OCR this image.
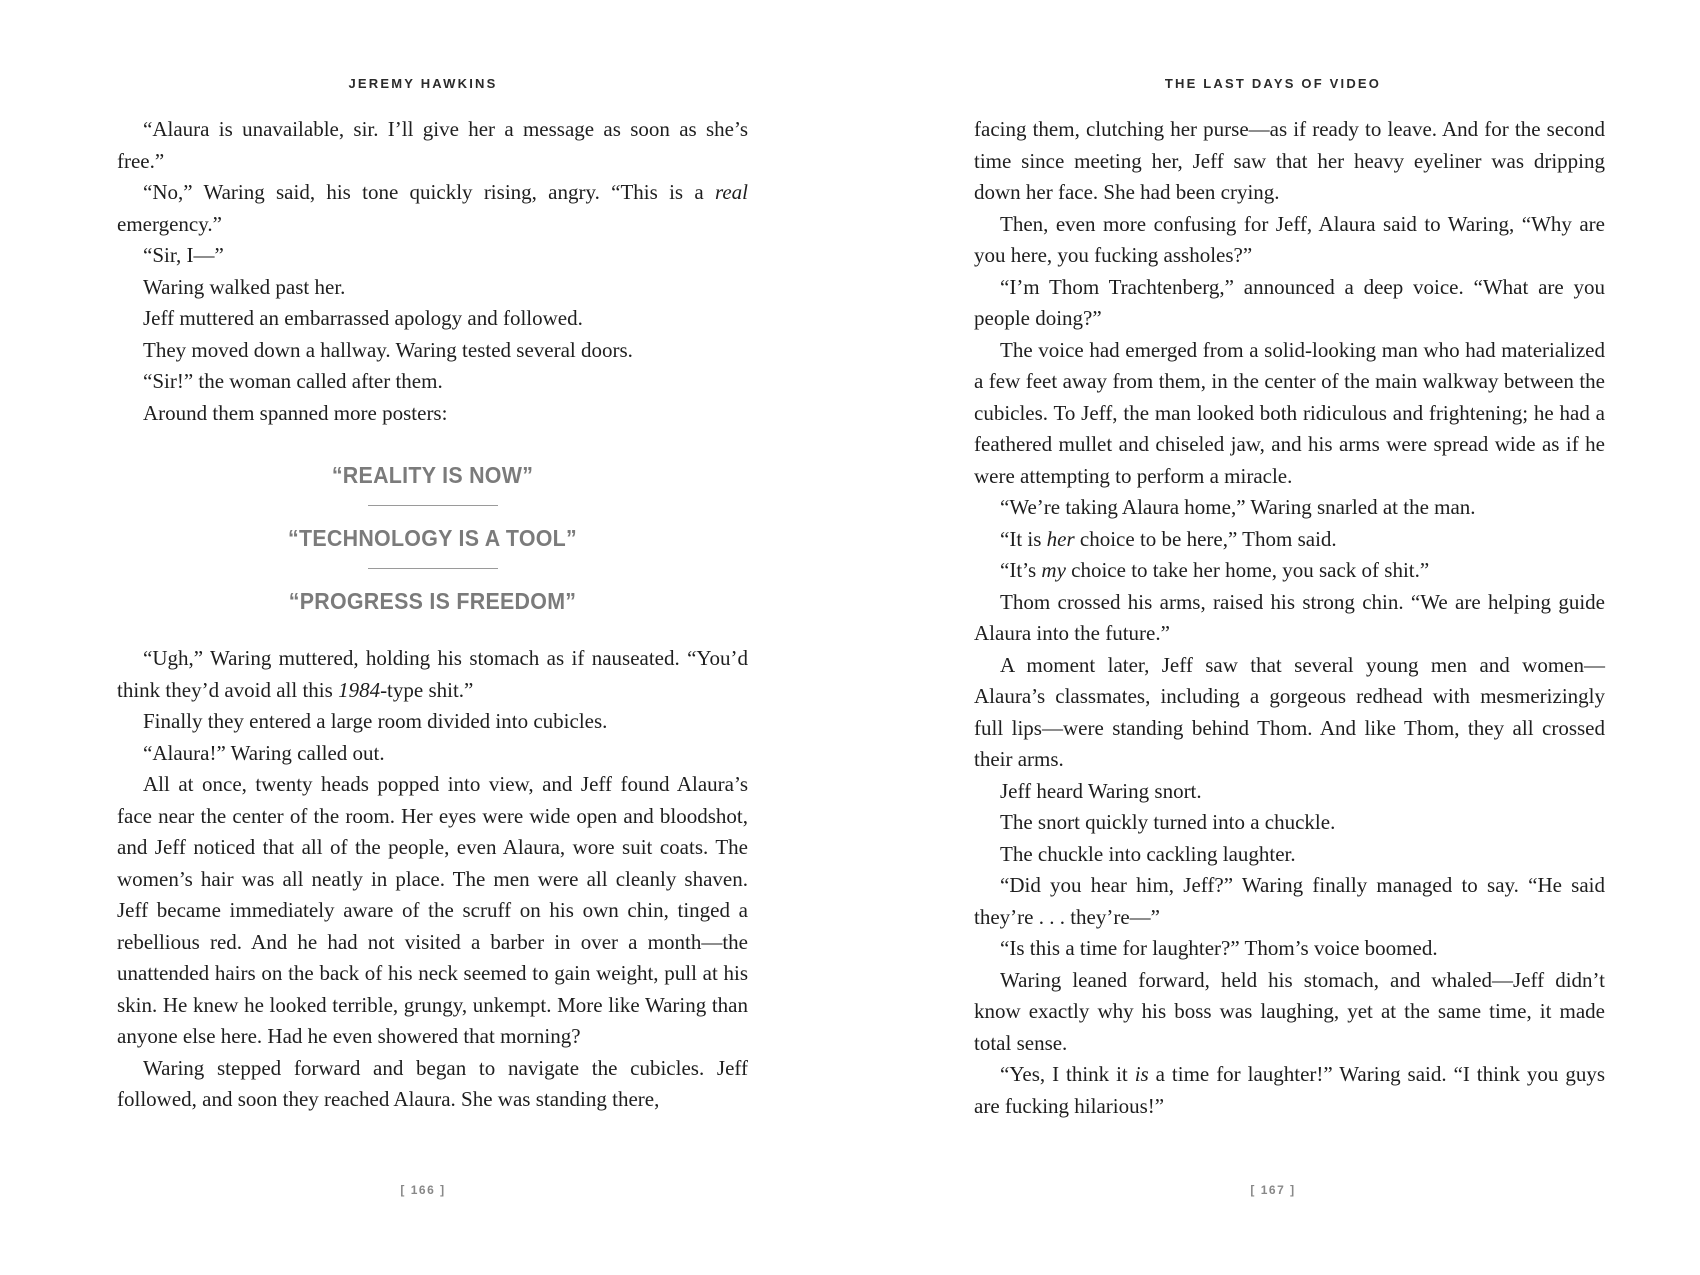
JEREMY HAWKINS

“Alaura is unavailable, sir. I’ll give her a message as soon as she’s free.”

“No,” Waring said, his tone quickly rising, angry. “This is a real emergency.”

“Sir, I—”

Waring walked past her.

Jeff muttered an embarrassed apology and followed.

They moved down a hallway. Waring tested several doors.

“Sir!” the woman called after them.

Around them spanned more posters:

“REALITY IS NOW”

“TECHNOLOGY IS A TOOL”

“PROGRESS IS FREEDOM”

“Ugh,” Waring muttered, holding his stomach as if nauseated. “You’d think they’d avoid all this 1984-type shit.”

Finally they entered a large room divided into cubicles.

“Alaura!” Waring called out.

All at once, twenty heads popped into view, and Jeff found Alaura’s face near the center of the room. Her eyes were wide open and bloodshot, and Jeff noticed that all of the people, even Alaura, wore suit coats. The women’s hair was all neatly in place. The men were all cleanly shaven. Jeff became immediately aware of the scruff on his own chin, tinged a rebellious red. And he had not visited a barber in over a month—the unattended hairs on the back of his neck seemed to gain weight, pull at his skin. He knew he looked terrible, grungy, unkempt. More like Waring than anyone else here. Had he even showered that morning?

Waring stepped forward and began to navigate the cubicles. Jeff followed, and soon they reached Alaura. She was standing there,

[ 166 ]
THE LAST DAYS OF VIDEO

facing them, clutching her purse—as if ready to leave. And for the second time since meeting her, Jeff saw that her heavy eyeliner was dripping down her face. She had been crying.

Then, even more confusing for Jeff, Alaura said to Waring, “Why are you here, you fucking assholes?”

“I’m Thom Trachtenberg,” announced a deep voice. “What are you people doing?”

The voice had emerged from a solid-looking man who had materialized a few feet away from them, in the center of the main walkway between the cubicles. To Jeff, the man looked both ridiculous and frightening; he had a feathered mullet and chiseled jaw, and his arms were spread wide as if he were attempting to perform a miracle.

“We’re taking Alaura home,” Waring snarled at the man.

“It is her choice to be here,” Thom said.

“It’s my choice to take her home, you sack of shit.”

Thom crossed his arms, raised his strong chin. “We are helping guide Alaura into the future.”

A moment later, Jeff saw that several young men and women— Alaura’s classmates, including a gorgeous redhead with mesmerizingly full lips—were standing behind Thom. And like Thom, they all crossed their arms.

Jeff heard Waring snort.

The snort quickly turned into a chuckle.

The chuckle into cackling laughter.

“Did you hear him, Jeff?” Waring finally managed to say. “He said they’re . . . they’re—”

“Is this a time for laughter?” Thom’s voice boomed.

Waring leaned forward, held his stomach, and whaled—Jeff didn’t know exactly why his boss was laughing, yet at the same time, it made total sense.

“Yes, I think it is a time for laughter!” Waring said. “I think you guys are fucking hilarious!”

[ 167 ]
